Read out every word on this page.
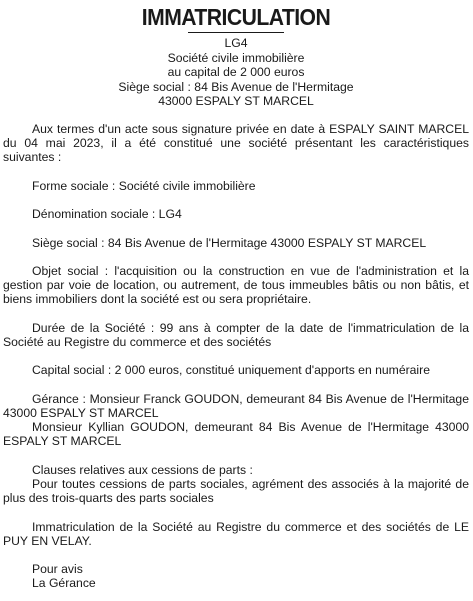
IMMATRICULATION
LG4
Société civile immobilière
au capital de 2 000 euros
Siège social : 84 Bis Avenue de l'Hermitage
43000 ESPALY ST MARCEL

Aux termes d'un acte sous signature privée en date à ESPALY SAINT MARCEL du 04 mai 2023, il a été constitué une société présentant les caractéristiques suivantes :

Forme sociale : Société civile immobilière

Dénomination sociale : LG4

Siège social : 84 Bis Avenue de l'Hermitage 43000 ESPALY ST MARCEL

Objet social : l'acquisition ou la construction en vue de l'administration et la gestion par voie de location, ou autrement, de tous immeubles bâtis ou non bâtis, et biens immobiliers dont la société est ou sera propriétaire.

Durée de la Société : 99 ans à compter de la date de l'immatriculation de la Société au Registre du commerce et des sociétés

Capital social : 2 000 euros, constitué uniquement d'apports en numéraire

Gérance : Monsieur Franck GOUDON, demeurant 84 Bis Avenue de l'Hermitage 43000 ESPALY ST MARCEL

Monsieur Kyllian GOUDON, demeurant 84 Bis Avenue de l'Hermitage 43000 ESPALY ST MARCEL

Clauses relatives aux cessions de parts :

Pour toutes cessions de parts sociales, agrément des associés à la majorité de plus des trois-quarts des parts sociales

Immatriculation de la Société au Registre du commerce et des sociétés de LE PUY EN VELAY.

Pour avis

La Gérance
